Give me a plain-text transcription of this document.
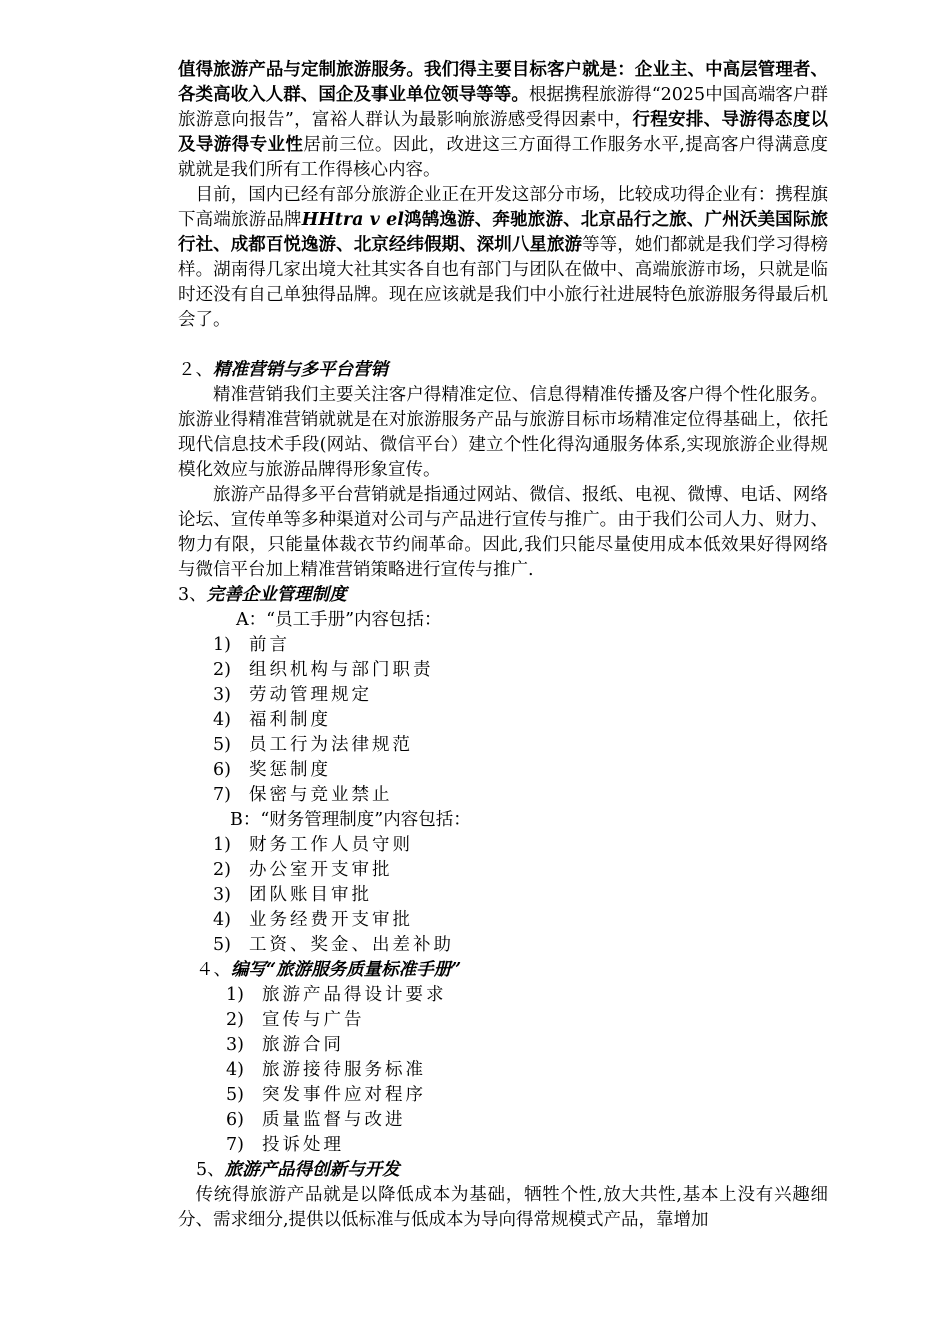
值得旅游产品与定制旅游服务。我们得主要目标客户就是：企业主、中高层管理者、各类高收入人群、国企及事业单位领导等等。根据携程旅游得“2025中国高端客户群旅游意向报告”，富裕人群认为最影响旅游感受得因素中，行程安排、导游得态度以及导游得专业性居前三位。因此，改进这三方面得工作服务水平,提高客户得满意度就就是我们所有工作得核心内容。

目前，国内已经有部分旅游企业正在开发这部分市场，比较成功得企业有：携程旗下高端旅游品牌HHtra v el鸿鹄逸游、奔驰旅游、北京品行之旅、广州沃美国际旅行社、成都百悦逸游、北京经纬假期、深圳八星旅游等等，她们都就是我们学习得榜样。湖南得几家出境大社其实各自也有部门与团队在做中、高端旅游市场，只就是临时还没有自己单独得品牌。现在应该就是我们中小旅行社进展特色旅游服务得最后机会了。

２、精准营销与多平台营销

精准营销我们主要关注客户得精准定位、信息得精准传播及客户得个性化服务。旅游业得精准营销就就是在对旅游服务产品与旅游目标市场精准定位得基础上，依托现代信息技术手段(网站、微信平台）建立个性化得沟通服务体系,实现旅游企业得规模化效应与旅游品牌得形象宣传。

旅游产品得多平台营销就是指通过网站、微信、报纸、电视、微博、电话、网络论坛、宣传单等多种渠道对公司与产品进行宣传与推广。由于我们公司人力、财力、物力有限，只能量体裁衣节约闹革命。因此,我们只能尽量使用成本低效果好得网络与微信平台加上精准营销策略进行宣传与推广.

3、完善企业管理制度

A：“员工手册”内容包括：

1) 前言
2) 组织机构与部门职责
3) 劳动管理规定
4) 福利制度
5) 员工行为法律规范
6) 奖惩制度
7) 保密与竞业禁止

B：“财务管理制度”内容包括：

1) 财务工作人员守则
2) 办公室开支审批
3) 团队账目审批
4) 业务经费开支审批
5) 工资、奖金、出差补助

４、编写“旅游服务质量标准手册”

1) 旅游产品得设计要求
2) 宣传与广告
3) 旅游合同
4) 旅游接待服务标准
5) 突发事件应对程序
6) 质量监督与改进
7) 投诉处理

5、旅游产品得创新与开发

传统得旅游产品就是以降低成本为基础，牺牲个性,放大共性,基本上没有兴趣细分、需求细分,提供以低标准与低成本为导向得常规模式产品，靠增加
